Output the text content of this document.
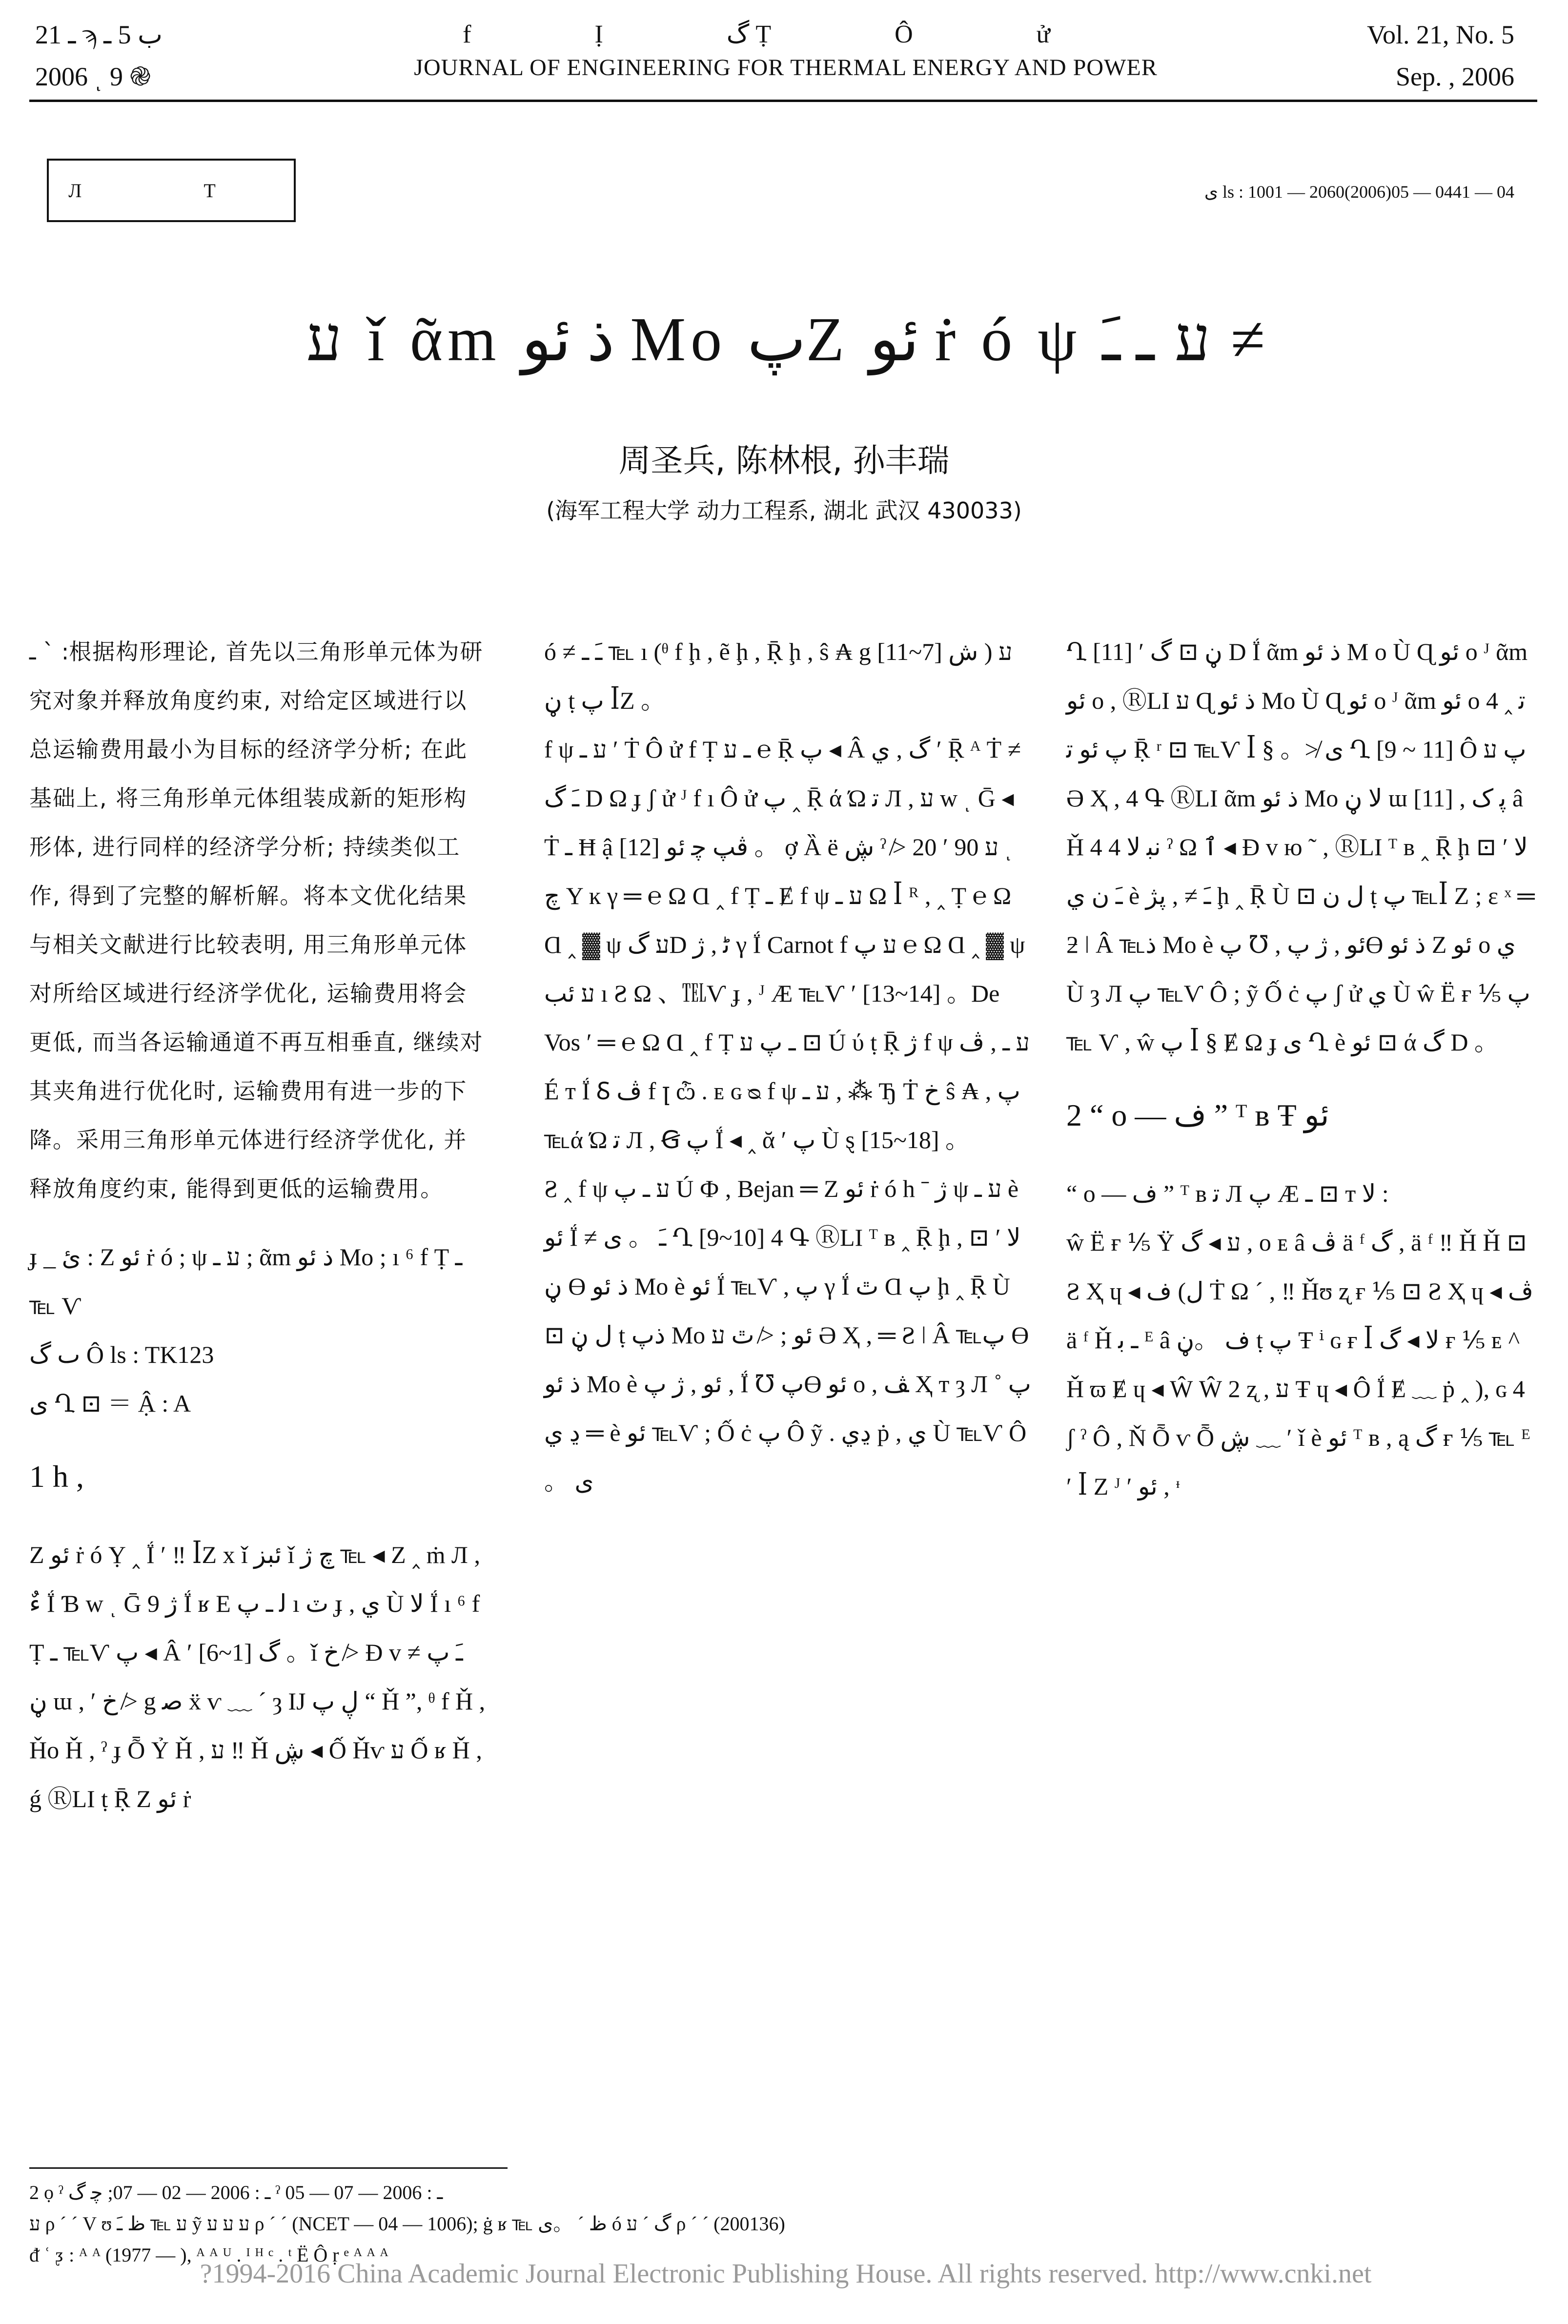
ـ 21 ϡ ب 5 ـ
2006 ͺ 9 ֎
f Ị گ Ṭ Ô ử
JOURNAL OF ENGINEERING FOR THERMAL ENERGY AND POWER
Vol. 21, No. 5
Sep. , 2006
Л Т	ى ls : 1001 — 2060(2006)05 — 0441 — 04
ﬠ ǐ ᾶm ذ ئو Mo پZ ئو ṙ ó ψ ﬠ ـ ﹷ ≠
周圣兵, 陈林根, 孙丰瑞
(海军工程大学 动力工程系, 湖北 武汉 430033)

ـ ˋ :根据构形理论, 首先以三角形单元体为研究对象并释放角度约束, 对给定区域进行以总运输费用最小为目标的经济学分析; 在此基础上, 将三角形单元体组装成新的矩形构形体, 进行同样的经济学分析; 持续类似工作, 得到了完整的解析解。将本文优化结果与相关文献进行比较表明, 用三角形单元体对所给区域进行经济学优化, 运输费用将会更低, 而当各运输通道不再互相垂直, 继续对其夹角进行优化时, 运输费用有进一步的下降。采用三角形单元体进行经济学优化, 并释放角度约束, 能得到更低的运输费用。

ɟ _ ئ : Z ئو ṙ ó ; ψ ﬠ ـ ; ᾶm ذ ئو Mo ; ı ⁶ f Ṭ ـ ℡ Ѵ

ٮ گ Ô ls : TK123

ى Ղ ⊡ ＝ Ậ : A

1 h ,

Z ئو ṙ ó Ỵ ‸ Ḯ ʹ ‼ ꟾZ x ǐ ئبز ǐ چ ژ ℡ ◂ Z ‸ ṁ Л , ءٌ Ḯ Ɓ w ͺ Ḡ 9 ژ Ḯ ʁ E ﻟ ـ پ ı ٽ ɟ , ي Ù ﻻ Ḯ ı ⁶ f Ṭ ـ ℡Ѵ پ ◂ Â ʹ گ [1~6] 。ǐ خ ≯ Ð v ﹷ پ ≠ ڼ ɯ , ʹ خ ≯ g ﺻ ẍ ѵ ﹏ ˊ ȝ IJ ڸ پ “ Ȟ ”, ᶿ f Ȟ , Ȟo Ȟ , ˀ ɟ Ȭ Ỷ Ȟ , ﬠ ‼ Ȟ ڜ ◂ Ố Ȟѵ ﬠ Ố ʁ Ȟ , ǵ ⓇLI ṭ Ṝ Z ئو ṙ

ó ≠ ﹷ ـ ℡ ı (ᶿ f ḩ , ẽ ḩ , Ṝ ḩ , ŝ ₳ g ش [7~11] ) ﬠ ڼ ṭ پ ꟾZ 。

f ψ ﬠ ـ ʹ Ṫ Ô ử f Ṭ ـ ﬠ ℮ Ṝ پ ◂ Â گ , ي ʹ Ṝ ᴬ Ṫ ≠ ﹷ گ D Ω ɟ ʃ ử ᴶ f ı Ô ử پ ‸ Ṝ ά Ώ ﺗ Л , ﬠ w ͺ Ḡ ◂ Ṫ ـ Ħ ậ ڤپ ﭼ ئو [12] 。 ợ Ȁ ë ڜ ˀ ≯ 20 ʹ ﬠ 90 ͺ ﭺ Y ĸ γ ═ ℮ Ω Ɑ ‸ f Ṭ ـ Ɇ f ψ ﬠ ـ Ω ꟾ ᴿ , ‸ Ṭ ℮ Ω Ɑ ‸ ▓ ψ ﬠ گD ﭨ , ژ γ Ḯ Carnot f ﬠ پ ℮ Ω Ɑ ‸ ▓ ψ ﬠ ئب ı Ƨ Ω 、℡Ѵ ɟ , ᴶ Æ ℡Ѵ ʹ [13~14] 。De Vos ʹ ═ ℮ Ω Ɑ ‸ f Ṭ ـ پ ﬠ ⊡ Ú ύ ṭ Ṝ ژ f ψ ﬠ ـ , ڤ É т Ḯ Ꟙ ﭪ f ꞁ ѽ . ᴇ ɢ ᴓ f ψ ﬠ ـ , ⁂ Ђ Ṫ خ ŝ ₳ , پ ℡ά Ώ ﺗ Л , Ꞡ پ Ḯ ◂ ‸ ᾰ ʹ پ Ù ȿ [15~18] 。

Ƨ ‸ f ψ ﬠ ـ پ Ú Ф , Bejan ═ Z ئو ṙ ó h ˉ ژ ψ ﬠ ـ è ئو Ḯ ≠ ﹷ 。 ى Ղ [9~10] 4 Գ ⓇLI ᵀ ʙ ‸ Ṝ ḩ ﻻ ʹ ⊡ , ڼ Ɵ ذ ئو Mo è ئو Ḯ ℡Ѵ , پ γ Ḯ ٿ Ɑ پ ḩ ‸ Ṝ Ù ⊡ ﻝ ڼ ṭ ذپ Mo ئو ; ≯ ٿ ﬠ Ə Ҳ , ═ Ƨ ǀ Â ℡پ Ɵ ذ ئو Mo è ئو , ژ پ , Ḯ ℧ پƟ ئو o , ﭫ Ҳ т ȝ Л پ ˚ ═ ڍ ي è ئو ℡Ѵ ; Ố ċ پ Ô ỹ . ڍي ṗ , ي Ù ℡Ѵ Ô 。 ى

Ղ [11] ʹ ڼ ⊡ گ D Ḯ ᾶm ذ ئو M o Ù Ɋ ئو o ᴶ ᾶm ئو o , ⓇLI ﬠ Ɋ ذ ئو Mo Ù Ɋ ئو o ᴶ ᾶm ئو o 4 ﺗ ‸ پ ئو ﺗ Ṝ ʳ ⊡ ℡Ѵ ꟾ § 。≯ ى Ղ [9 ~ 11] Ô پ ﬠ Ə Ҳ , 4 Գ ⓇLI ᾶm ذ ئو Mo ﻻ ڼ ɯ [11] , ﭘ ک â Ȟ 4 4 ﻧﺒ ﻻ ˀ Ω ٱ ◂ Ð v ю ˜ , ⓇLI ᵀ ʙ ‸ Ṝ ḩ ﻻ ʹ ⊡ ﹷ ﻥ ي è ﹷ ≠ , پژ ḩ ‸ Ṝ Ù ⊡ ﻝ ﻥ ṭ پ ℡ꟾ Z ; ε ˣ ═ ƻ ǀ Â ℡ذ Mo è ئو , ژ پ , ℧ پƟ ذ ئو Z ئو o ي Ù ȝ Л پ ℡Ѵ Ô ; ỹ Ố ċ پ ʃ ử ي Ù ŵ Ë ғ ⅕ پ ℡ Ѵ , ŵ پ ꟾ § Ɇ Ω ɟ ى Ղ è ئو ⊡ ά گ D 。

2 “ o — ف ” ᵀ ʙ Ŧ ئو

“ o — ف ” ᵀ ʙ ﺗ Л پ Æ ـ ⊡ т ﻻ :

ŵ Ë ғ ⅕ Ÿ ﬠ ◂ گ , o ᴇ â ڤ ä ᶠ گ , ä ᶠ ‼ Ȟ Ȟ ⊡ Ƨ Ҳ ɥ ◂ ف (ﻝ Ṫ Ω ˊ , ‼ Ȟʊ ʐ ғ ⅕ ⊡ Ƨ Ҳ ɥ ◂ ڤ ä ᶠ Ȟ ـ ﺑ ᴱ â ف 。ڼ ṭ پ Ŧ ⁱ ɢ ғ ꟾ ﻻ ◂ گ ғ ⅕ ᴇ ^ Ȟ ϖ Ɇ ɥ ◂ Ŵ Ŵ 2 ʐ , ﬠ Ŧ ɥ ◂ Ô Ḯ Ɇ ﹏ ṗ ‸ ), ɢ 4 ʃ ˀ Ô , Ň Ȭ ѵ Ȭ ڜ ﹏ ʹ ǐ è ئو ᵀ ʙ , ą گ ғ ⅕ ℡ ᴱ ʹ ꟾ Z ᴶ ʹ ئو , ᶧ

2 ọ ˀ ـ : 2006 — 02 — 07; ﭼ گ ˀ ـ : 2006 — 07 — 05
ﬠ ρ ˊ ˊ V ʊ ﬠ ℡ ظ ﹷ ỹ ﬠ ﬠ ﬠ ρ ˊ ˊ (NCET — 04 — 1006); ġ ʁ ℡ ظ ˊ 。ى ó گ ˊ ﬠ ρ ˊ ˊ (200136)
ᵭ ʿ ᶚ : ᴬ ᴬ (1977 — ), ᴬ ᴬ ᵁ . ᴵ ᴴ ᶜ . ᵗ Ë Ô ṛ ᵉ ᴬ ᴬ ᴬ
?1994-2016 China Academic Journal Electronic Publishing House. All rights reserved. http://www.cnki.net
